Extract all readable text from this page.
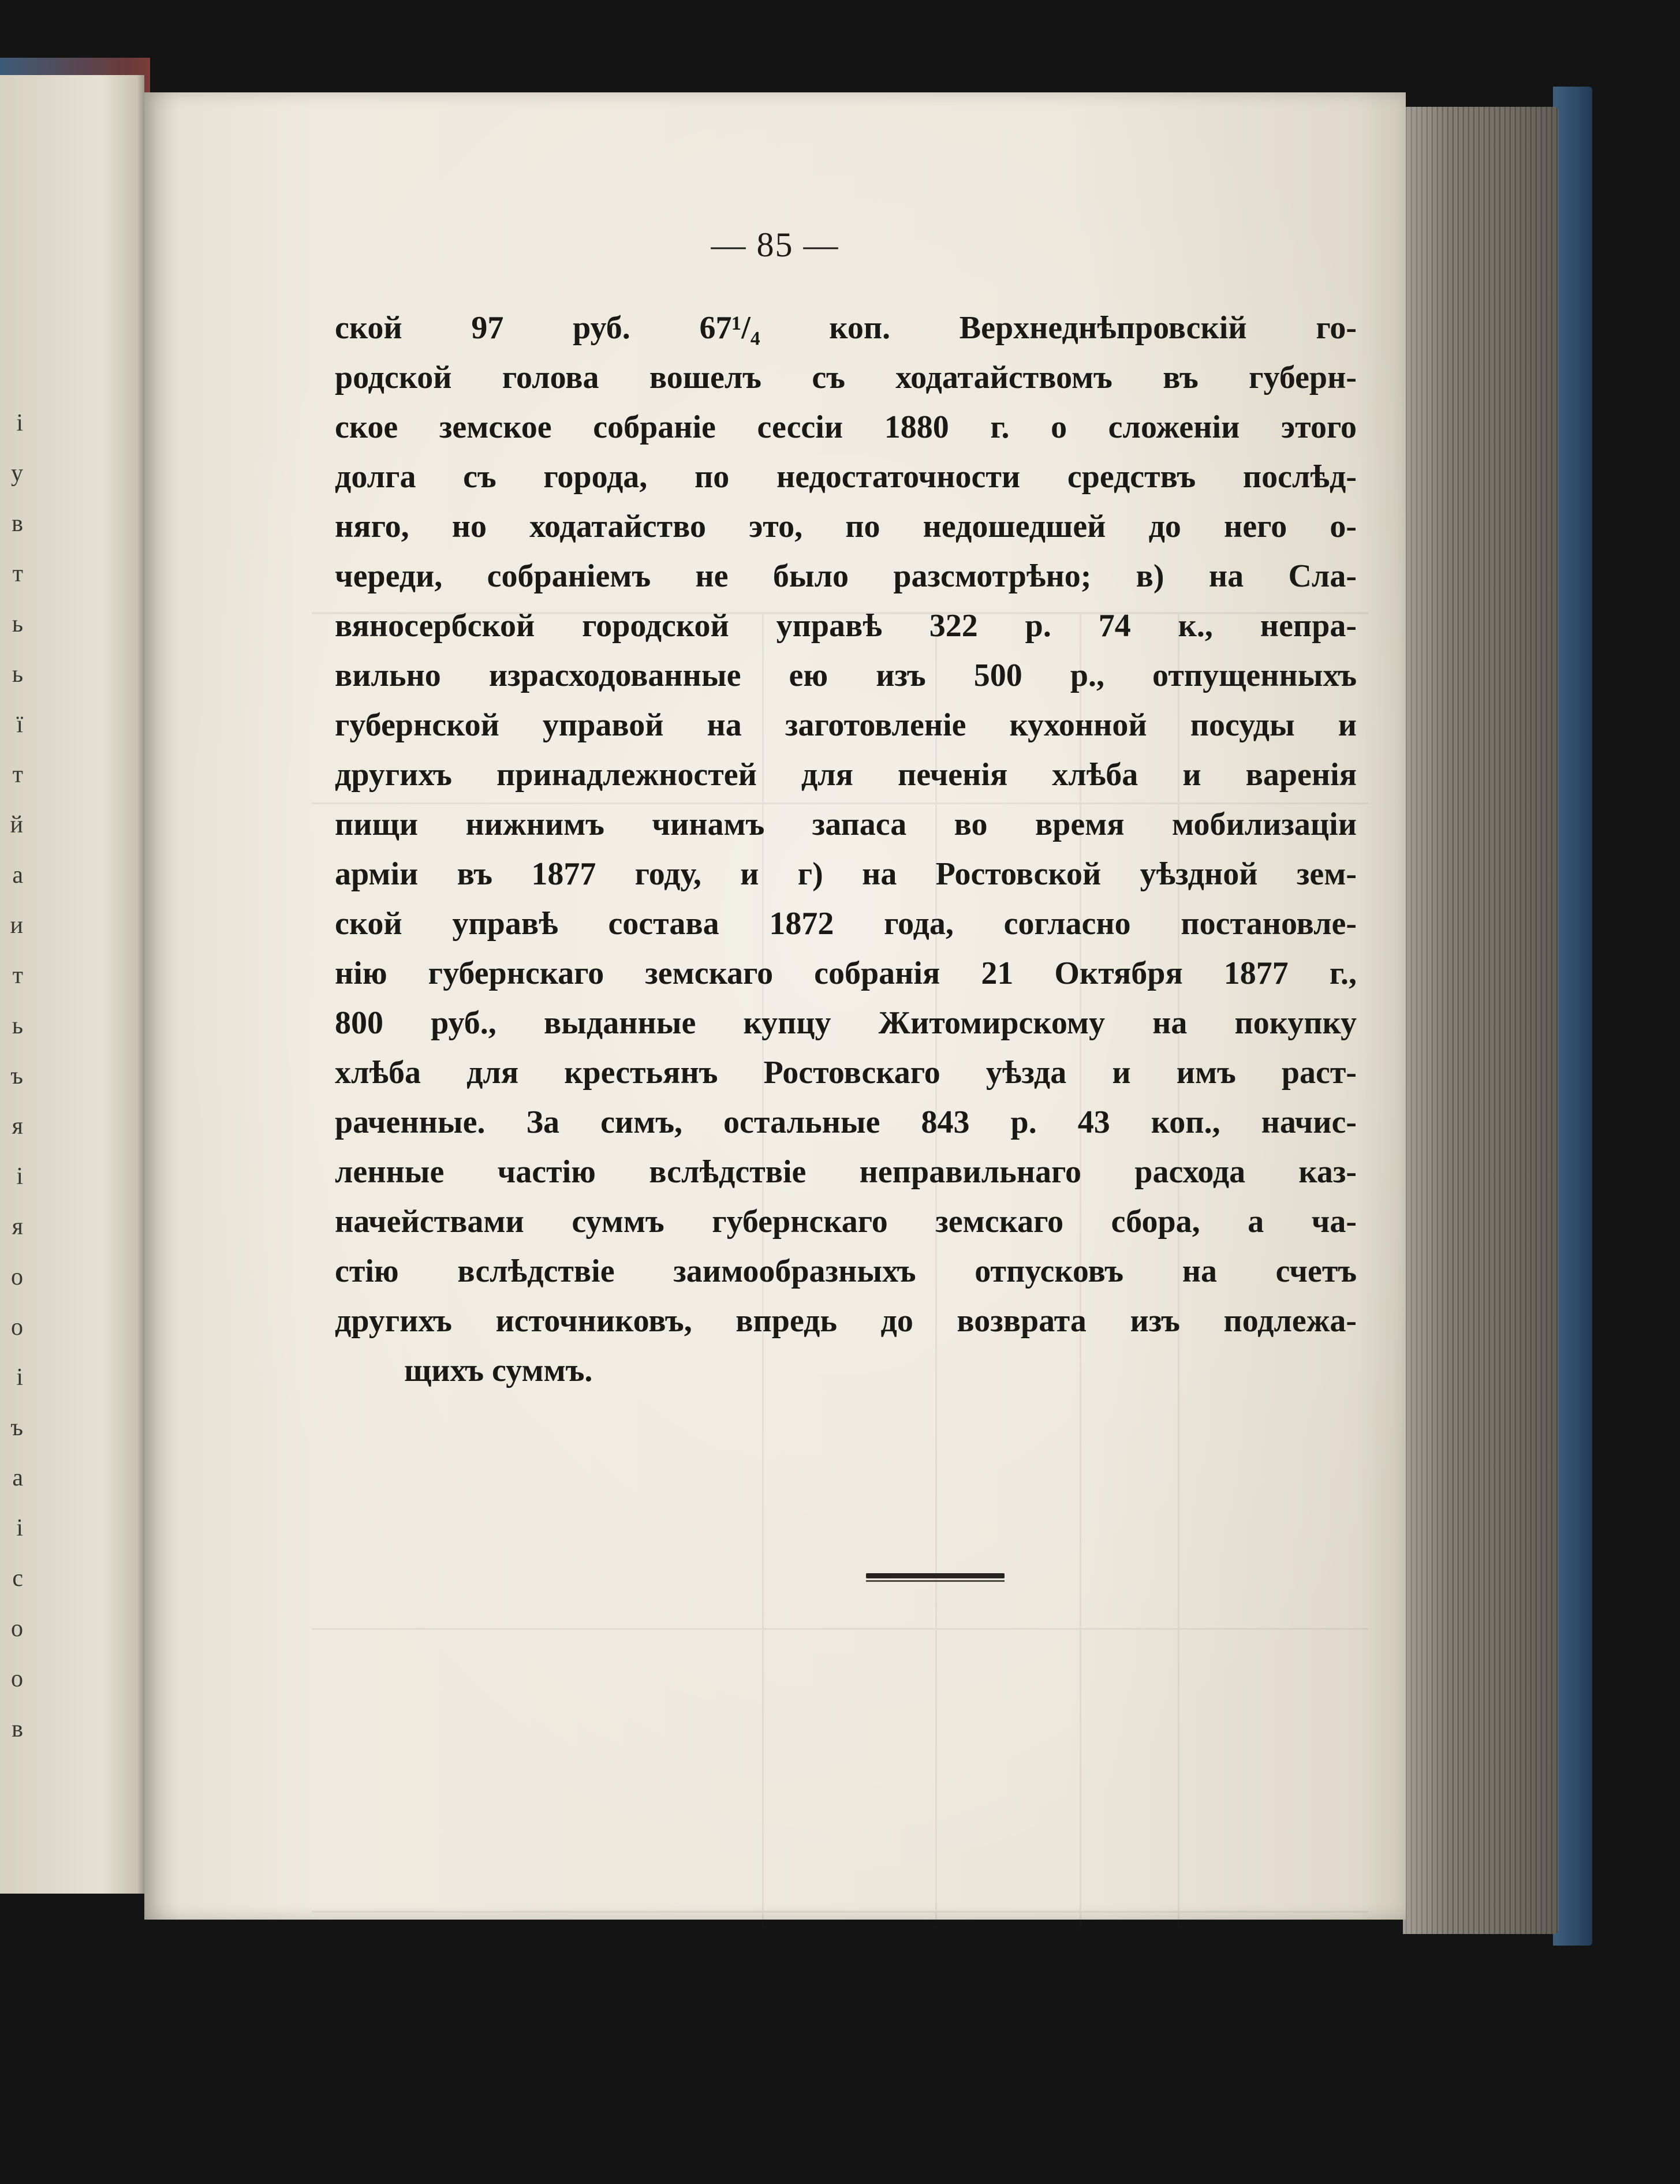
і
у
в
т
ь
ь
ї
т
й
а
и
т
ь
ъ
я
і
я
о
о
і
ъ
а
і
с
о
о
в
— 85 —
ской 97 руб. 67¹/₄ коп. Верхнеднѣпровскій го-
родской голова вошелъ съ ходатайствомъ въ губерн-
ское земское собраніе сессіи 1880 г. о сложеніи этого
долга съ города, по недостаточности средствъ послѣд-
няго, но ходатайство это, по недошедшей до него о-
череди, собраніемъ не было разсмотрѣно; в) на Сла-
вяносербской городской управѣ 322 р. 74 к., непра-
вильно израсходованные ею изъ 500 р., отпущенныхъ
губернской управой на заготовленіе кухонной посуды и
другихъ принадлежностей для печенія хлѣба и варенія
пищи нижнимъ чинамъ запаса во время мобилизаціи
арміи въ 1877 году, и г) на Ростовской уѣздной зем-
ской управѣ состава 1872 года, согласно постановле-
нію губернскаго земскаго собранія 21 Октября 1877 г.,
800 руб., выданные купцу Житомирскому на покупку
хлѣба для крестьянъ Ростовскаго уѣзда и имъ раст-
раченные. За симъ, остальные 843 р. 43 коп., начис-
ленные частію вслѣдствіе неправильнаго расхода каз-
начействами суммъ губернскаго земскаго сбора, а ча-
стію вслѣдствіе заимообразныхъ отпусковъ на счетъ
другихъ источниковъ, впредь до возврата изъ подлежа-
щихъ суммъ.
